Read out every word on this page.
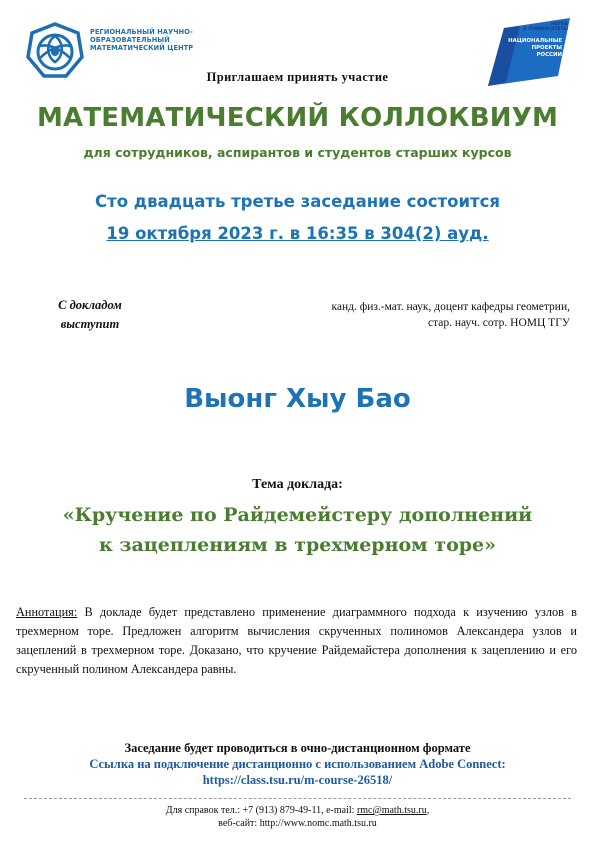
РЕГИОНАЛЬНЫЙ НАУЧНО-ОБРАЗОВАТЕЛЬНЫЙ МАТЕМАТИЧЕСКИЙ ЦЕНТР
НАУКА
И УНИВЕРСИТЕТЫ
НАЦИОНАЛЬНЫЕ
ПРОЕКТЫ
РОССИИ
Приглашаем принять участие
МАТЕМАТИЧЕСКИЙ КОЛЛОКВИУМ
для сотрудников, аспирантов и студентов старших курсов
Сто двадцать третье заседание состоится
19 октября 2023 г. в 16:35 в 304(2) ауд.
С докладом
выступит
канд. физ.-мат. наук, доцент кафедры геометрии,
стар. науч. сотр. НОМЦ ТГУ
Выонг Хыу Бао
Тема доклада:
«Кручение по Райдемейстеру дополнений
к зацеплениям в трехмерном торе»
Аннотация: В докладе будет представлено применение диаграммного подхода к изучению узлов в трехмерном торе. Предложен алгоритм вычисления скрученных полиномов Александера узлов и зацеплений в трехмерном торе. Доказано, что кручение Райдемайстера дополнения к зацеплению и его скрученный полином Александера равны.
Заседание будет проводиться в очно-дистанционном формате
Ссылка на подключение дистанционно с использованием Adobe Connect:
https://class.tsu.ru/m-course-26518/
Для справок тел.: +7 (913) 879-49-11, e-mail: rmc@math.tsu.ru,
веб-сайт: http://www.nomc.math.tsu.ru
